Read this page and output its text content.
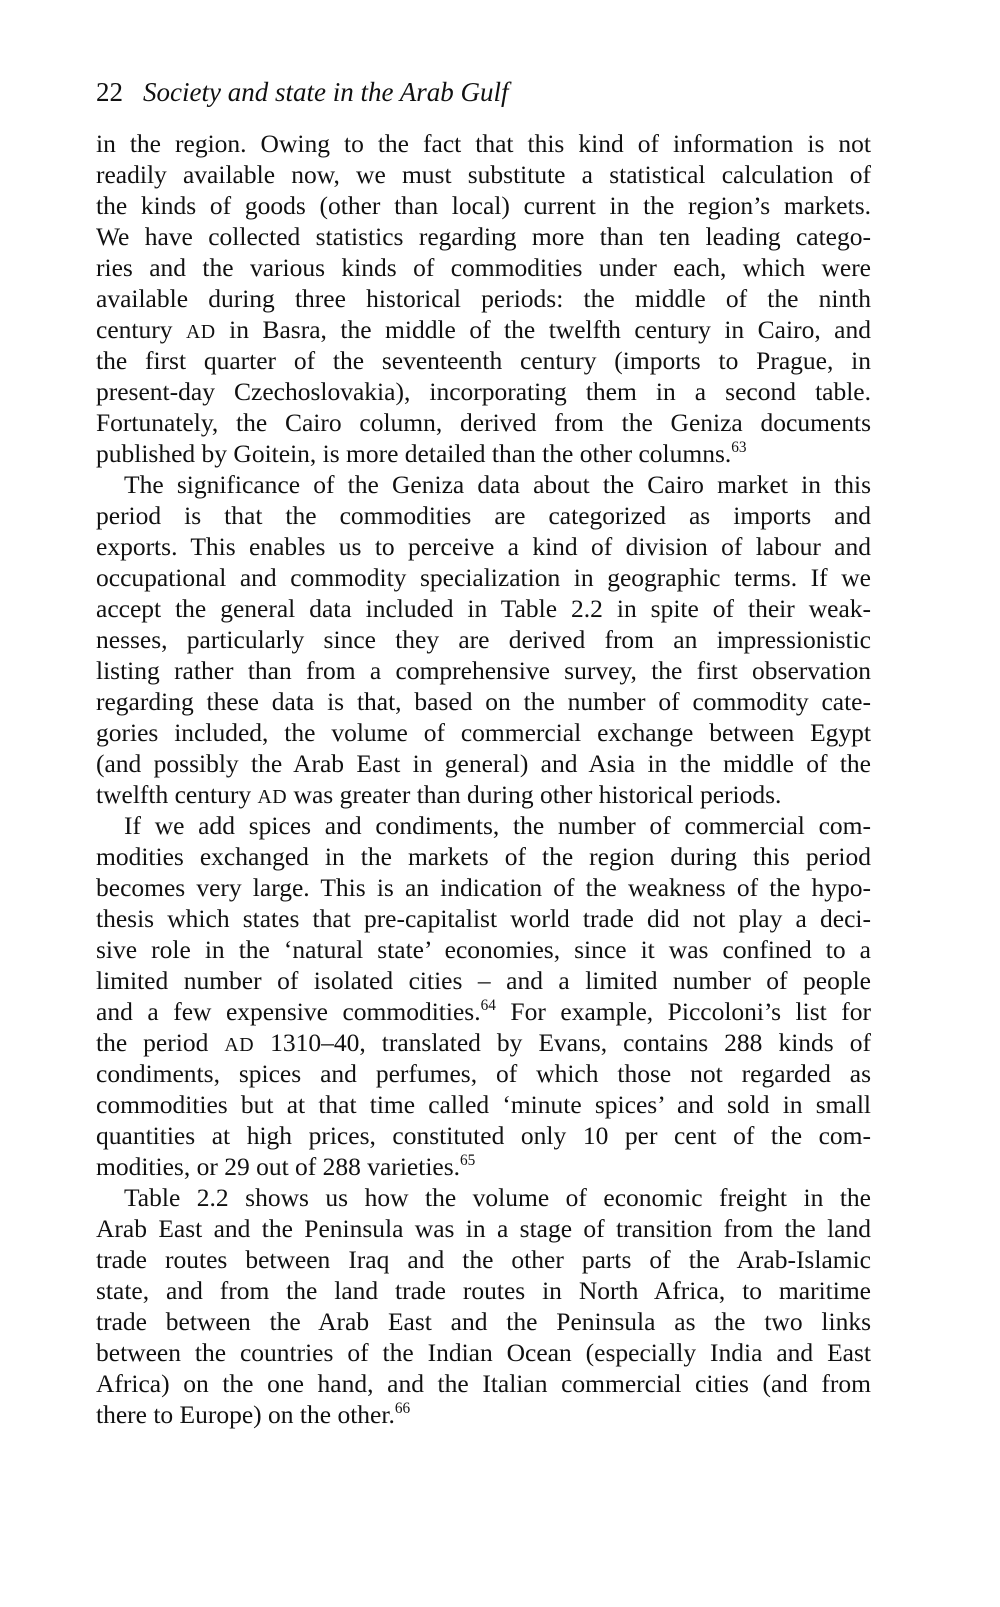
22 Society and state in the Arab Gulf
in the region. Owing to the fact that this kind of information is not
readily available now, we must substitute a statistical calculation of
the kinds of goods (other than local) current in the region’s markets.
We have collected statistics regarding more than ten leading catego-
ries and the various kinds of commodities under each, which were
available during three historical periods: the middle of the ninth
century AD in Basra, the middle of the twelfth century in Cairo, and
the first quarter of the seventeenth century (imports to Prague, in
present-day Czechoslovakia), incorporating them in a second table.
Fortunately, the Cairo column, derived from the Geniza documents
published by Goitein, is more detailed than the other columns.$^{63}$
The significance of the Geniza data about the Cairo market in this
period is that the commodities are categorized as imports and
exports. This enables us to perceive a kind of division of labour and
occupational and commodity specialization in geographic terms. If we
accept the general data included in Table 2.2 in spite of their weak-
nesses, particularly since they are derived from an impressionistic
listing rather than from a comprehensive survey, the first observation
regarding these data is that, based on the number of commodity cate-
gories included, the volume of commercial exchange between Egypt
(and possibly the Arab East in general) and Asia in the middle of the
twelfth century AD was greater than during other historical periods.
If we add spices and condiments, the number of commercial com-
modities exchanged in the markets of the region during this period
becomes very large. This is an indication of the weakness of the hypo-
thesis which states that pre-capitalist world trade did not play a deci-
sive role in the ‘natural state’ economies, since it was confined to a
limited number of isolated cities – and a limited number of people
and a few expensive commodities.$^{64}$ For example, Piccoloni’s list for
the period AD 1310–40, translated by Evans, contains 288 kinds of
condiments, spices and perfumes, of which those not regarded as
commodities but at that time called ‘minute spices’ and sold in small
quantities at high prices, constituted only 10 per cent of the com-
modities, or 29 out of 288 varieties.$^{65}$
Table 2.2 shows us how the volume of economic freight in the
Arab East and the Peninsula was in a stage of transition from the land
trade routes between Iraq and the other parts of the Arab-Islamic
state, and from the land trade routes in North Africa, to maritime
trade between the Arab East and the Peninsula as the two links
between the countries of the Indian Ocean (especially India and East
Africa) on the one hand, and the Italian commercial cities (and from
there to Europe) on the other.$^{66}$
